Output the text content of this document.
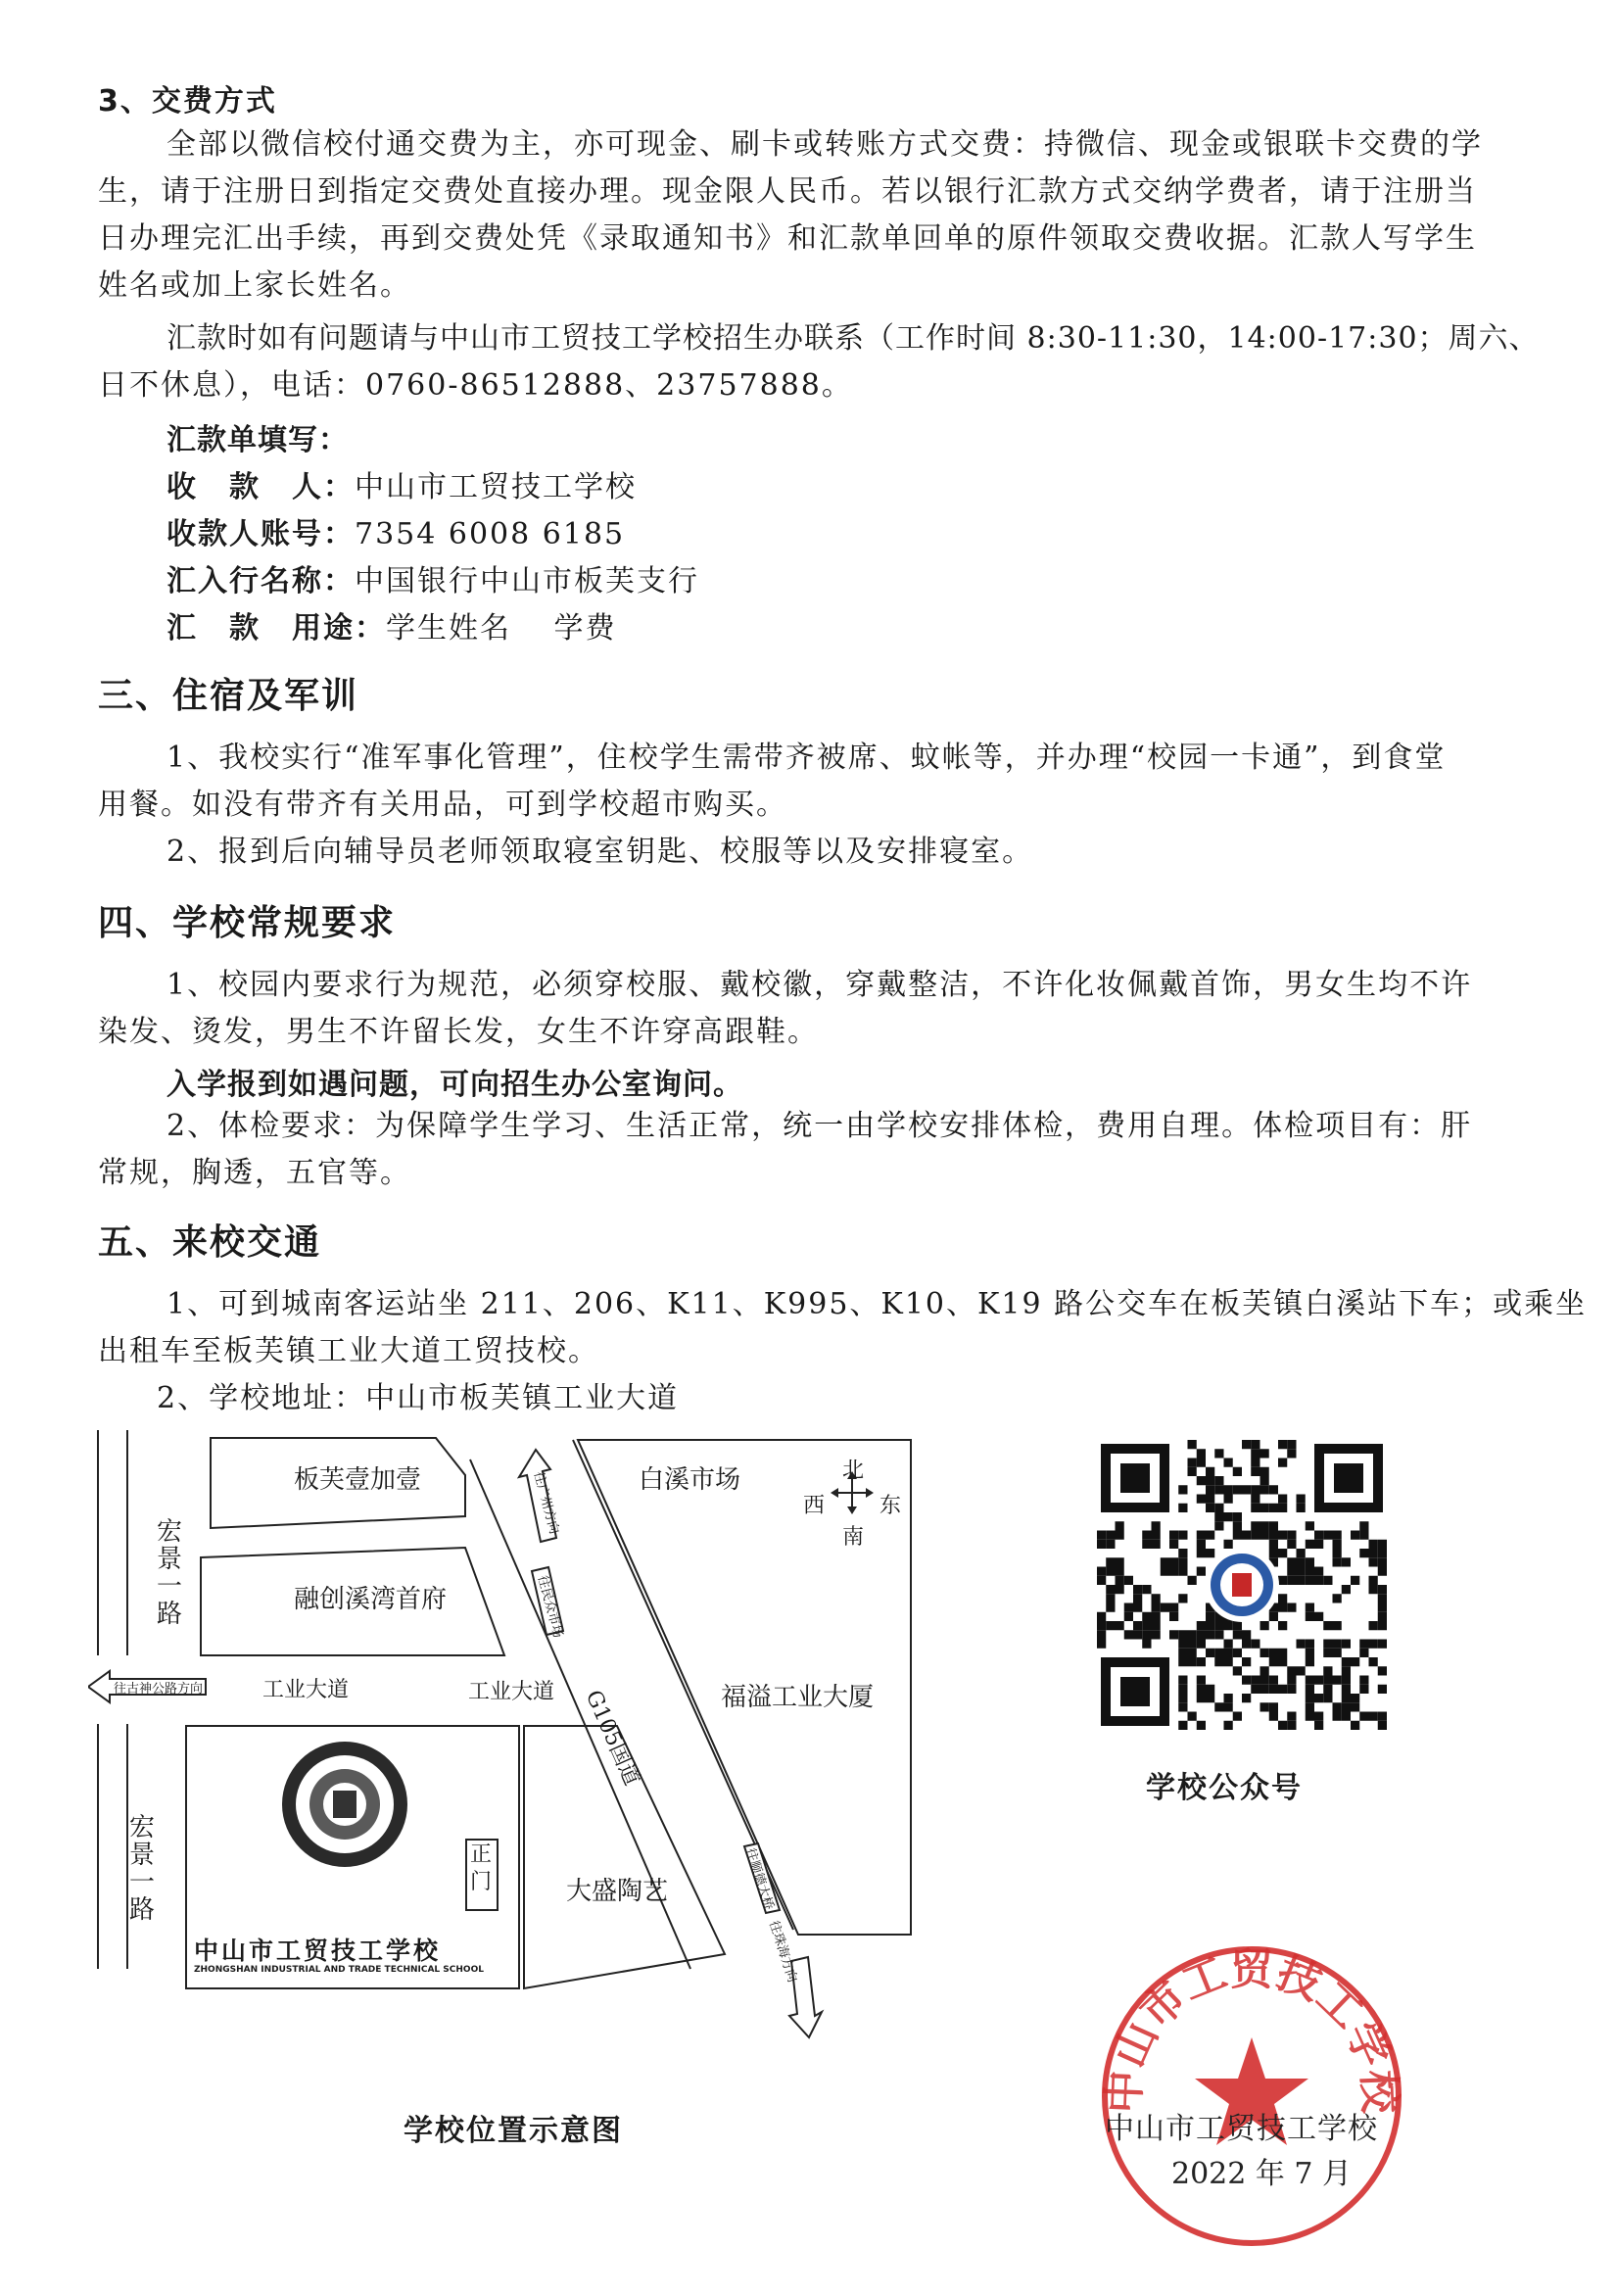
3、交费方式
全部以微信校付通交费为主，亦可现金、刷卡或转账方式交费：持微信、现金或银联卡交费的学
生，请于注册日到指定交费处直接办理。现金限人民币。若以银行汇款方式交纳学费者，请于注册当
日办理完汇出手续，再到交费处凭《录取通知书》和汇款单回单的原件领取交费收据。汇款人写学生
姓名或加上家长姓名。
汇款时如有问题请与中山市工贸技工学校招生办联系（工作时间 8:30-11:30，14:00-17:30；周六、
日不休息），电话：0760-86512888、23757888。
汇款单填写：
收　款　人：中山市工贸技工学校
收款人账号：7354 6008 6185
汇入行名称：中国银行中山市板芙支行
汇　款　用途：学生姓名　 学费
三、住宿及军训
1、我校实行“准军事化管理”，住校学生需带齐被席、蚊帐等，并办理“校园一卡通”，到食堂
用餐。如没有带齐有关用品，可到学校超市购买。
2、报到后向辅导员老师领取寝室钥匙、校服等以及安排寝室。
四、学校常规要求
1、校园内要求行为规范，必须穿校服、戴校徽，穿戴整洁，不许化妆佩戴首饰，男女生均不许
染发、烫发，男生不许留长发，女生不许穿高跟鞋。
入学报到如遇问题，可向招生办公室询问。
2、体检要求：为保障学生学习、生活正常，统一由学校安排体检，费用自理。体检项目有：肝
常规，胸透，五官等。
五、来校交通
1、可到城南客运站坐 211、206、K11、K995、K10、K19 路公交车在板芙镇白溪站下车；或乘坐
出租车至板芙镇工业大道工贸技校。
2、学校地址：中山市板芙镇工业大道
板芙壹加壹
融创溪湾首府
白溪市场
福溢工业大厦
大盛陶艺
宏景一路
宏景一路
工业大道	工业大道 G105国道
往古神公路方向
往广州方向
往民众市场
往顺德大桥
往珠海方向
北
南
西	东
正门
中山市工贸技工学校
ZHONGSHAN INDUSTRIAL AND TRADE TECHNICAL SCHOOL
学校位置示意图
学校公众号
中山市工贸技工学校
中山市工贸技工学校
2022 年 7 月
